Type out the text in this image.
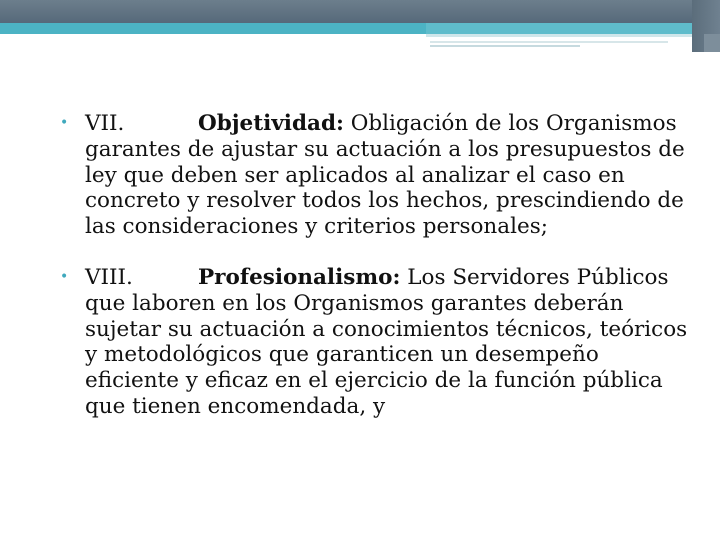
• VII.	Objetividad: Obligación de los Organismos garantes de ajustar su actuación a los presupuestos de ley que deben ser aplicados al analizar el caso en concreto y resolver todos los hechos, prescindiendo de las consideraciones y criterios personales;
• VIII.	Profesionalismo: Los Servidores Públicos que laboren en los Organismos garantes deberán sujetar su actuación a conocimientos técnicos, teóricos y metodológicos que garanticen un desempeño eficiente y eficaz en el ejercicio de la función pública que tienen encomendada, y
